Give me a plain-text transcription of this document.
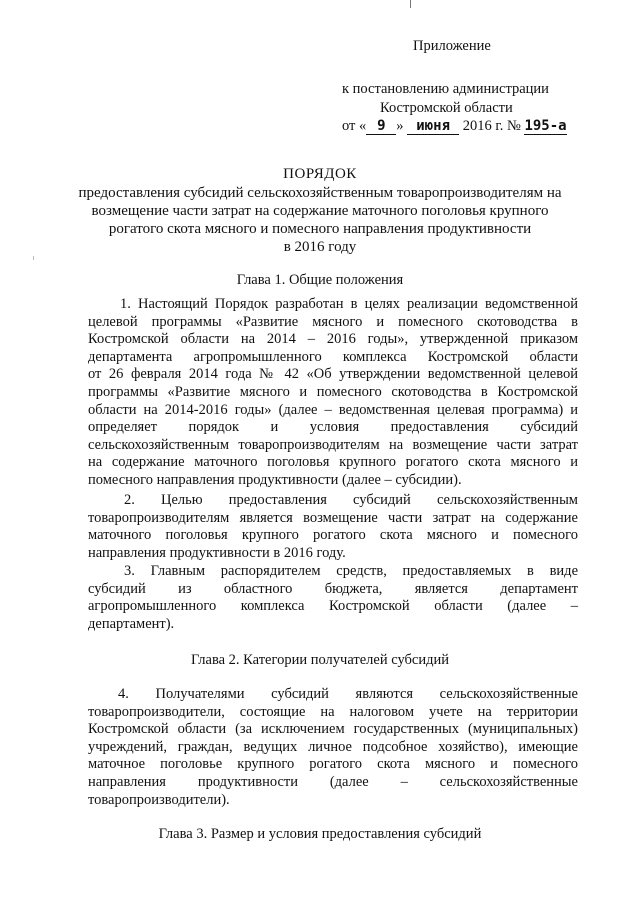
Приложение
к постановлению администрации
Костромской области
от « 9 » июня 2016 г. № 195-а
ПОРЯДОК
предоставления субсидий сельскохозяйственным товаропроизводителям на
возмещение части затрат на содержание маточного поголовья крупного
рогатого скота мясного и помесного направления продуктивности
в 2016 году
Глава 1. Общие положения
1. Настоящий Порядок разработан в целях реализации ведомственной
целевой программы «Развитие мясного и помесного скотоводства в
Костромской области на 2014 – 2016 годы», утвержденной приказом
департамента агропромышленного комплекса Костромской области
от 26 февраля 2014 года № 42 «Об утверждении ведомственной целевой
программы «Развитие мясного и помесного скотоводства в Костромской
области на 2014-2016 годы» (далее – ведомственная целевая программа) и
определяет порядок и условия предоставления субсидий
сельскохозяйственным товаропроизводителям на возмещение части затрат
на содержание маточного поголовья крупного рогатого скота мясного и
помесного направления продуктивности (далее – субсидии).
2. Целью предоставления субсидий сельскохозяйственным
товаропроизводителям является возмещение части затрат на содержание
маточного поголовья крупного рогатого скота мясного и помесного
направления продуктивности в 2016 году.
3. Главным распорядителем средств, предоставляемых в виде
субсидий из областного бюджета, является департамент
агропромышленного комплекса Костромской области (далее –
департамент).
Глава 2. Категории получателей субсидий
4. Получателями субсидий являются сельскохозяйственные
товаропроизводители, состоящие на налоговом учете на территории
Костромской области (за исключением государственных (муниципальных)
учреждений, граждан, ведущих личное подсобное хозяйство), имеющие
маточное поголовье крупного рогатого скота мясного и помесного
направления продуктивности (далее – сельскохозяйственные
товаропроизводители).
Глава 3. Размер и условия предоставления субсидий
